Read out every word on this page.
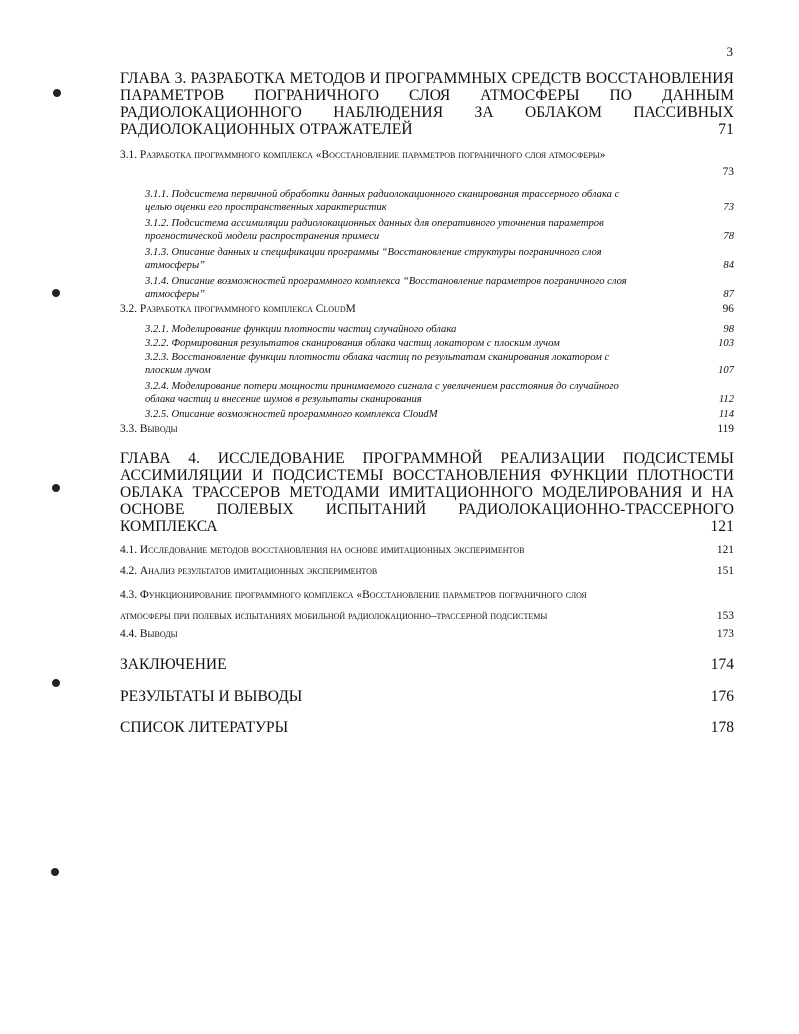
3
ГЛАВА 3. РАЗРАБОТКА МЕТОДОВ И ПРОГРАММНЫХ СРЕДСТВ ВОССТАНОВЛЕНИЯ
ПАРАМЕТРОВ ПОГРАНИЧНОГО СЛОЯ АТМОСФЕРЫ ПО ДАННЫМ
РАДИОЛОКАЦИОННОГО НАБЛЮДЕНИЯ ЗА ОБЛАКОМ ПАССИВНЫХ
РАДИОЛОКАЦИОННЫХ ОТРАЖАТЕЛЕЙ	71
3.1. Разработка программного комплекса «Восстановление параметров пограничного слоя атмосферы»
73
3.1.1. Подсистема первичной обработки данных радиолокационного сканирования трассерного облака с
целью оценки его пространственных характеристик	73
3.1.2. Подсистема ассимиляции радиолокационных данных для оперативного уточнения параметров
прогностической модели распространения примеси	78
3.1.3. Описание данных и спецификации программы “Восстановление структуры пограничного слоя
атмосферы”	84
3.1.4. Описание возможностей программного комплекса “Восстановление параметров пограничного слоя
атмосферы”	87
3.2. Разработка программного комплекса CloudM	96
3.2.1. Моделирование функции плотности частиц случайного облака	98
3.2.2. Формирования результатов сканирования облака частиц локатором с плоским лучом	103
3.2.3. Восстановление функции плотности облака частиц по результатам сканирования локатором с
плоским лучом	107
3.2.4. Моделирование потери мощности принимаемого сигнала с увеличением расстояния до случайного
облака частиц и внесение шумов в результаты сканирования	112
3.2.5. Описание возможностей программного комплекса CloudM	114
3.3. Выводы	119
ГЛАВА 4. ИССЛЕДОВАНИЕ ПРОГРАММНОЙ РЕАЛИЗАЦИИ ПОДСИСТЕМЫ
АССИМИЛЯЦИИ И ПОДСИСТЕМЫ ВОССТАНОВЛЕНИЯ ФУНКЦИИ ПЛОТНОСТИ
ОБЛАКА ТРАССЕРОВ МЕТОДАМИ ИМИТАЦИОННОГО МОДЕЛИРОВАНИЯ И НА
ОСНОВЕ ПОЛЕВЫХ ИСПЫТАНИЙ РАДИОЛОКАЦИОННО-ТРАССЕРНОГО
КОМПЛЕКСА	121
4.1. Исследование методов восстановления на основе имитационных экспериментов	121
4.2. Анализ результатов имитационных экспериментов	151
4.3. Функционирование программного комплекса «Восстановление параметров пограничного слоя
атмосферы при полевых испытаниях мобильной радиолокационно–трассерной подсистемы	153
4.4. Выводы	173
ЗАКЛЮЧЕНИЕ	174
РЕЗУЛЬТАТЫ И ВЫВОДЫ	176
СПИСОК ЛИТЕРАТУРЫ	178
